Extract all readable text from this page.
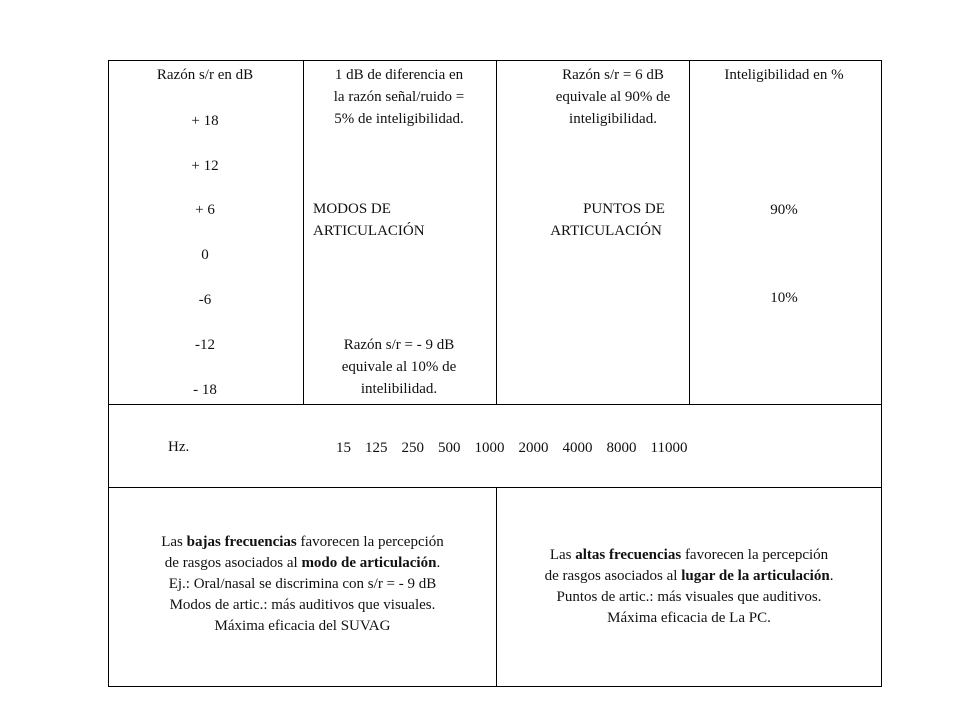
Razón s/r en dB
+ 18
+ 12
+ 6
0
-6
-12
- 18
1 dB de diferencia en
la razón señal/ruido =
5% de inteligibilidad.
MODOS DE
ARTICULACIÓN
Razón s/r = - 9 dB
equivale al 10% de
intelibilidad.
Razón s/r = 6 dB
equivale al 90% de
inteligibilidad.
PUNTOS DE
ARTICULACIÓN
Inteligibilidad en %
90%
10%
Hz.	15 125 250 500 1000 2000 4000 8000 11000
Las bajas frecuencias favorecen la percepción
de rasgos asociados al modo de articulación.
Ej.: Oral/nasal se discrimina con s/r = - 9 dB
Modos de artic.: más auditivos que visuales.
Máxima eficacia del SUVAG
Las altas frecuencias favorecen la percepción
de rasgos asociados al lugar de la articulación.
Puntos de artic.: más visuales que auditivos.
Máxima eficacia de La PC.
